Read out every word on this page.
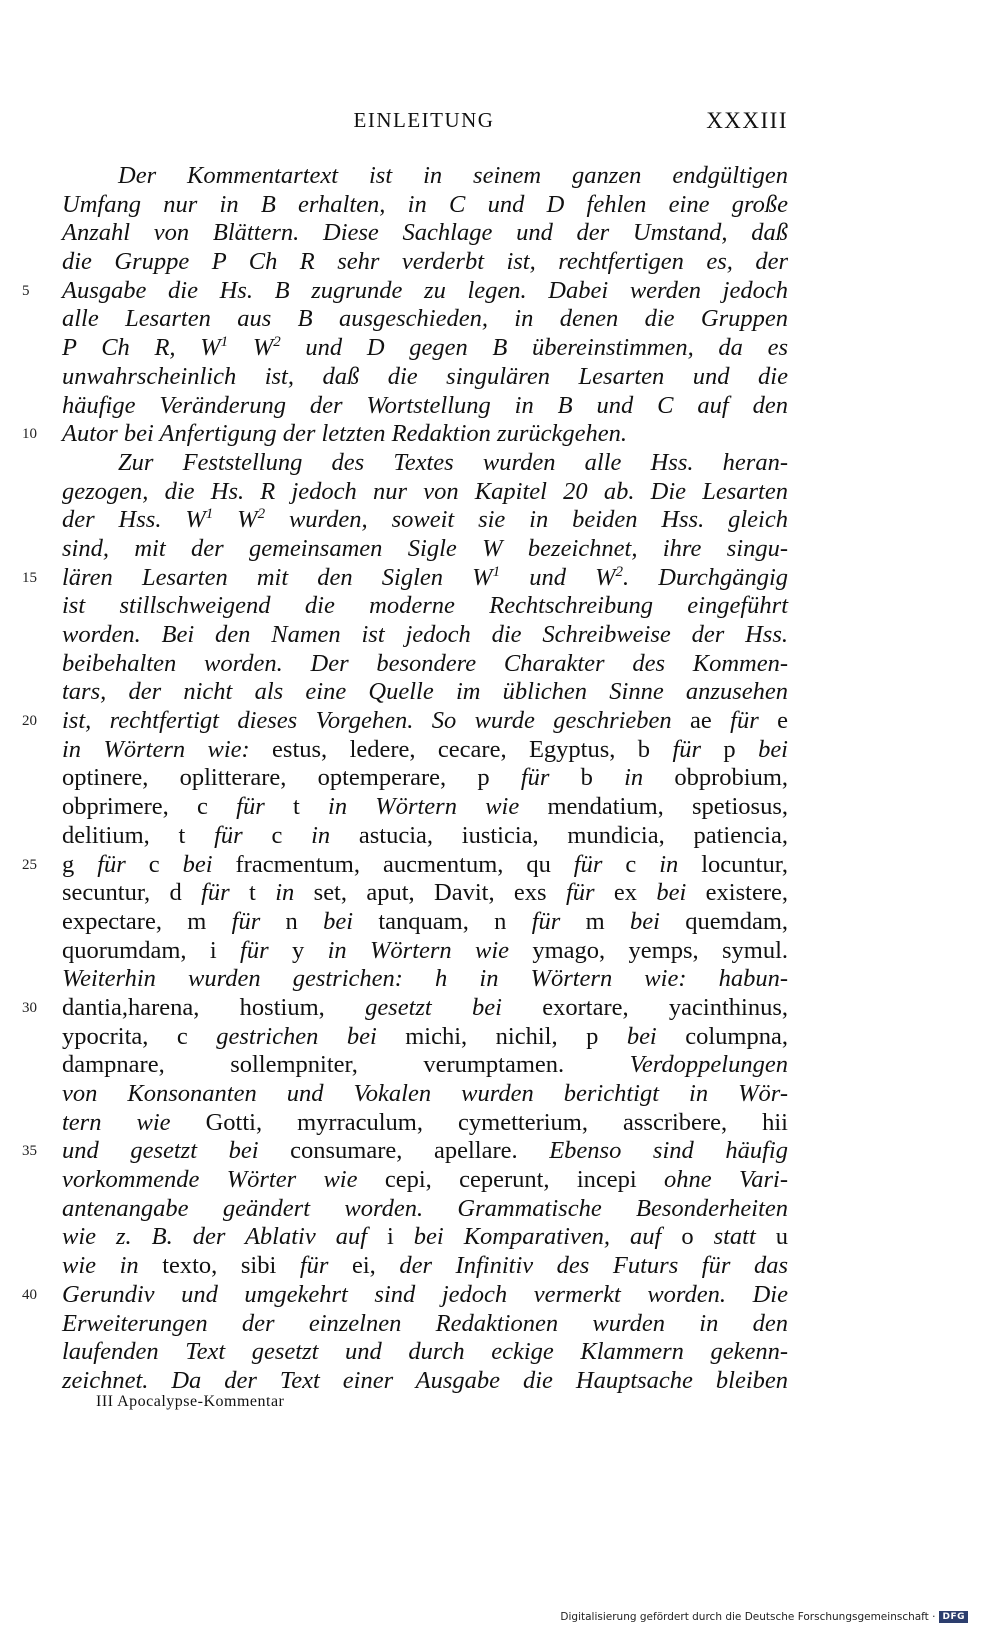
EINLEITUNG	XXXIII
Der Kommentartext ist in seinem ganzen endgültigen
Umfang nur in B erhalten, in C und D fehlen eine große
Anzahl von Blättern. Diese Sachlage und der Umstand, daß
die Gruppe P Ch R sehr verderbt ist, rechtfertigen es, der
5	Ausgabe die Hs. B zugrunde zu legen. Dabei werden jedoch
alle Lesarten aus B ausgeschieden, in denen die Gruppen
P Ch R, $W^1$ $W^2$ und D gegen B übereinstimmen, da es
unwahrscheinlich ist, daß die singulären Lesarten und die
häufige Veränderung der Wortstellung in B und C auf den
10	Autor bei Anfertigung der letzten Redaktion zurückgehen.
Zur Feststellung des Textes wurden alle Hss. heran-
gezogen, die Hs. R jedoch nur von Kapitel 20 ab. Die Lesarten
der Hss. $W^1$ $W^2$ wurden, soweit sie in beiden Hss. gleich
sind, mit der gemeinsamen Sigle W bezeichnet, ihre singu-
15	lären Lesarten mit den Siglen $W^1$ und $W^2$. Durchgängig
ist stillschweigend die moderne Rechtschreibung eingeführt
worden. Bei den Namen ist jedoch die Schreibweise der Hss.
beibehalten worden. Der besondere Charakter des Kommen-
tars, der nicht als eine Quelle im üblichen Sinne anzusehen
20	ist, rechtfertigt dieses Vorgehen. So wurde geschrieben ae für e
in Wörtern wie: estus, ledere, cecare, Egyptus, b für p bei
optinere, oplitterare, optemperare, p für b in obprobium,
obprimere, c für t in Wörtern wie mendatium, spetiosus,
delitium, t für c in astucia, iusticia, mundicia, patiencia,
25	g für c bei fracmentum, aucmentum, qu für c in locuntur,
secuntur, d für t in set, aput, Davit, exs für ex bei existere,
expectare, m für n bei tanquam, n für m bei quemdam,
quorumdam, i für y in Wörtern wie ymago, yemps, symul.
Weiterhin wurden gestrichen: h in Wörtern wie: habun-
30	dantia,harena, hostium, gesetzt bei exortare, yacinthinus,
ypocrita, c gestrichen bei michi, nichil, p bei columpna,
dampnare, sollempniter, verumptamen. Verdoppelungen
von Konsonanten und Vokalen wurden berichtigt in Wör-
tern wie Gotti, myrraculum, cymetterium, asscribere, hii
35	und gesetzt bei consumare, apellare. Ebenso sind häufig
vorkommende Wörter wie cepi, ceperunt, incepi ohne Vari-
antenangabe geändert worden. Grammatische Besonderheiten
wie z. B. der Ablativ auf i bei Komparativen, auf o statt u
wie in texto, sibi für ei, der Infinitiv des Futurs für das
40	Gerundiv und umgekehrt sind jedoch vermerkt worden. Die
Erweiterungen der einzelnen Redaktionen wurden in den
laufenden Text gesetzt und durch eckige Klammern gekenn-
zeichnet. Da der Text einer Ausgabe die Hauptsache bleiben
III Apocalypse-Kommentar
Digitalisierung gefördert durch die Deutsche Forschungsgemeinschaft · DFG
